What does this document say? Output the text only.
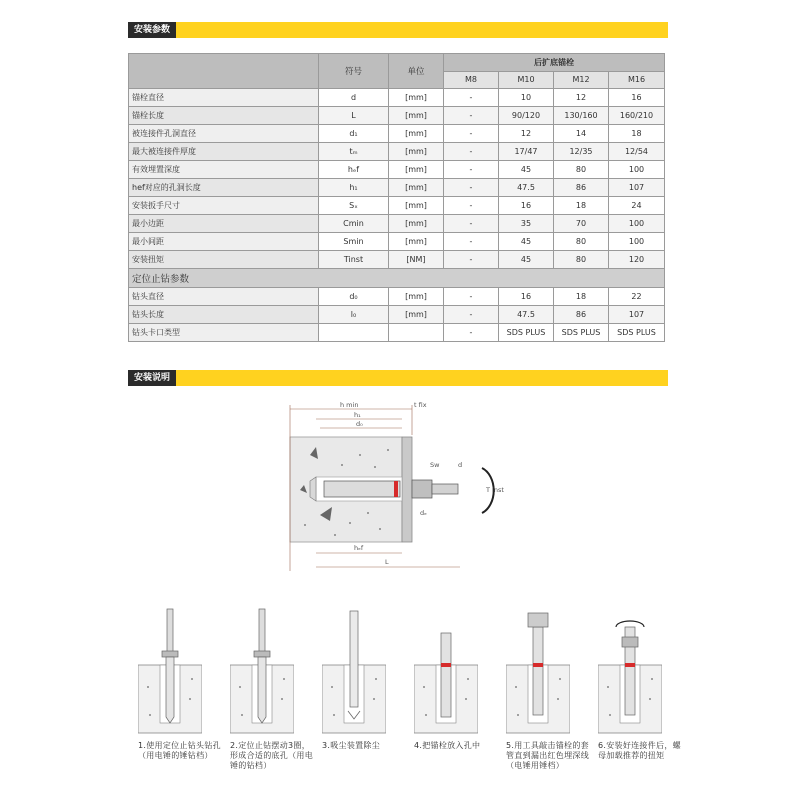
安装参数
	符号	单位	后扩底锚栓			
			M8	M10	M12	M16
锚栓直径	d	[mm]	-	10	12	16
锚栓长度	L	[mm]	-	90/120	130/160	160/210
被连接件孔洞直径	d₁	[mm]	-	12	14	18
最大被连接件厚度	tₘ	[mm]	-	17/47	12/35	12/54
有效埋置深度	hₑf	[mm]	-	45	80	100
hef对应的孔洞长度	h₁	[mm]	-	47.5	86	107
安装扳手尺寸	Sₓ	[mm]	-	16	18	24
最小边距	Cmin	[mm]	-	35	70	100
最小间距	Smin	[mm]	-	45	80	100
安装扭矩	Tinst	[NM]	-	45	80	120
定位止钻参数						
钻头直径	d₀	[mm]	-	16	18	22
钻头长度	l₀	[mm]	-	47.5	86	107
钻头卡口类型			-	SDS PLUS	SDS PLUS	SDS PLUS
安装说明
h min	t fix
h₁
d₀
Sw	d
dₑ
hₑf
L
T inst
1.使用定位止钻头钻孔（用电锤的锤钻档）
2.定位止钻摆动3圈，形成合适的底孔（用电锤的钻档）
3.吸尘装置除尘	4.把锚栓放入孔中	5.用工具敲击锚栓的套管直到漏出红色埋深线（电锤用锤档）
6.安装好连接件后，螺母加载推荐的扭矩
